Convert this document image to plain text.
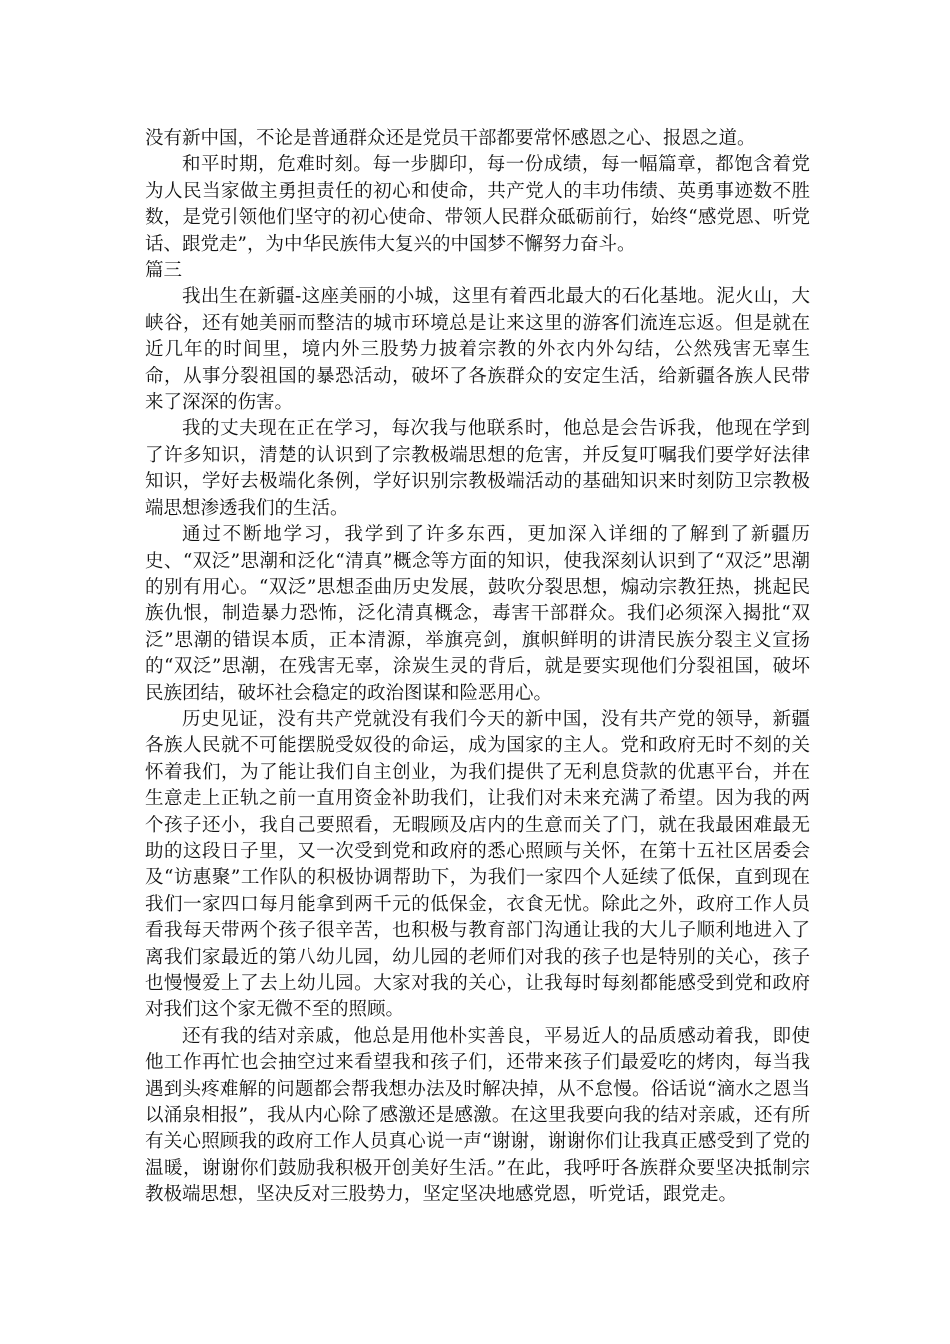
没有新中国，不论是普通群众还是党员干部都要常怀感恩之心、报恩之道。

和平时期，危难时刻。每一步脚印，每一份成绩，每一幅篇章，都饱含着党为人民当家做主勇担责任的初心和使命，共产党人的丰功伟绩、英勇事迹数不胜数，是党引领他们坚守的初心使命、带领人民群众砥砺前行，始终“感党恩、听党话、跟党走”，为中华民族伟大复兴的中国梦不懈努力奋斗。

篇三

我出生在新疆-这座美丽的小城，这里有着西北最大的石化基地。泥火山，大峡谷，还有她美丽而整洁的城市环境总是让来这里的游客们流连忘返。但是就在近几年的时间里，境内外三股势力披着宗教的外衣内外勾结，公然残害无辜生命，从事分裂祖国的暴恐活动，破坏了各族群众的安定生活，给新疆各族人民带来了深深的伤害。

我的丈夫现在正在学习，每次我与他联系时，他总是会告诉我，他现在学到了许多知识，清楚的认识到了宗教极端思想的危害，并反复叮嘱我们要学好法律知识，学好去极端化条例，学好识别宗教极端活动的基础知识来时刻防卫宗教极端思想渗透我们的生活。

通过不断地学习，我学到了许多东西，更加深入详细的了解到了新疆历史、“双泛”思潮和泛化“清真”概念等方面的知识，使我深刻认识到了“双泛”思潮的别有用心。“双泛”思想歪曲历史发展，鼓吹分裂思想，煽动宗教狂热，挑起民族仇恨，制造暴力恐怖，泛化清真概念，毒害干部群众。我们必须深入揭批“双泛”思潮的错误本质，正本清源，举旗亮剑，旗帜鲜明的讲清民族分裂主义宣扬的“双泛”思潮，在残害无辜，涂炭生灵的背后，就是要实现他们分裂祖国，破坏民族团结，破坏社会稳定的政治图谋和险恶用心。

历史见证，没有共产党就没有我们今天的新中国，没有共产党的领导，新疆各族人民就不可能摆脱受奴役的命运，成为国家的主人。党和政府无时不刻的关怀着我们，为了能让我们自主创业，为我们提供了无利息贷款的优惠平台，并在生意走上正轨之前一直用资金补助我们，让我们对未来充满了希望。因为我的两个孩子还小，我自己要照看，无暇顾及店内的生意而关了门，就在我最困难最无助的这段日子里，又一次受到党和政府的悉心照顾与关怀，在第十五社区居委会及“访惠聚”工作队的积极协调帮助下，为我们一家四个人延续了低保，直到现在我们一家四口每月能拿到两千元的低保金，衣食无忧。除此之外，政府工作人员看我每天带两个孩子很辛苦，也积极与教育部门沟通让我的大儿子顺利地进入了离我们家最近的第八幼儿园，幼儿园的老师们对我的孩子也是特别的关心，孩子也慢慢爱上了去上幼儿园。大家对我的关心，让我每时每刻都能感受到党和政府对我们这个家无微不至的照顾。

还有我的结对亲戚，他总是用他朴实善良，平易近人的品质感动着我，即使他工作再忙也会抽空过来看望我和孩子们，还带来孩子们最爱吃的烤肉，每当我遇到头疼难解的问题都会帮我想办法及时解决掉，从不怠慢。俗话说“滴水之恩当以涌泉相报”，我从内心除了感激还是感激。在这里我要向我的结对亲戚，还有所有关心照顾我的政府工作人员真心说一声“谢谢，谢谢你们让我真正感受到了党的温暖，谢谢你们鼓励我积极开创美好生活。”在此，我呼吁各族群众要坚决抵制宗教极端思想，坚决反对三股势力，坚定坚决地感党恩，听党话，跟党走。
